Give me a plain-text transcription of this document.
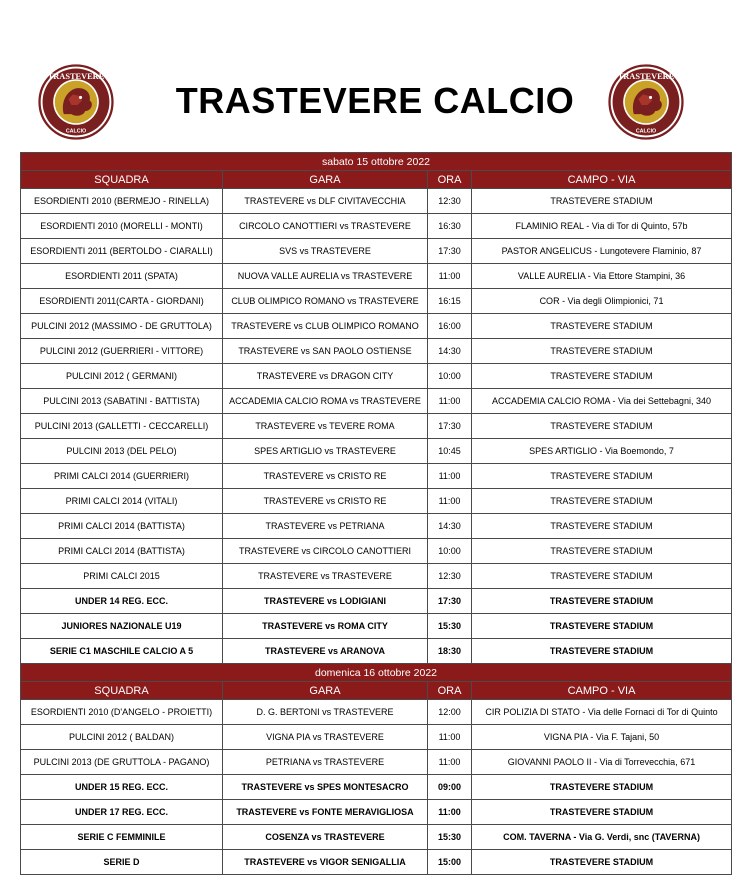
TRASTEVERE
CALCIO
TRASTEVERE CALCIO
TRASTEVERE
CALCIO
sabato 15 ottobre 2022			
SQUADRA	GARA	ORA	CAMPO - VIA
ESORDIENTI 2010 (BERMEJO - RINELLA)	TRASTEVERE vs DLF CIVITAVECCHIA	12:30	TRASTEVERE STADIUM
ESORDIENTI 2010 (MORELLI - MONTI)	CIRCOLO CANOTTIERI vs TRASTEVERE	16:30	FLAMINIO REAL - Via di Tor di Quinto, 57b
ESORDIENTI 2011 (BERTOLDO - CIARALLI)	SVS vs TRASTEVERE	17:30	PASTOR ANGELICUS - Lungotevere Flaminio, 87
ESORDIENTI 2011 (SPATA)	NUOVA VALLE AURELIA vs TRASTEVERE	11:00	VALLE AURELIA - Via Ettore Stampini, 36
ESORDIENTI 2011(CARTA - GIORDANI)	CLUB OLIMPICO ROMANO vs TRASTEVERE	16:15	COR - Via degli Olimpionici, 71
PULCINI 2012 (MASSIMO - DE GRUTTOLA)	TRASTEVERE vs CLUB OLIMPICO ROMANO	16:00	TRASTEVERE STADIUM
PULCINI 2012 (GUERRIERI - VITTORE)	TRASTEVERE vs SAN PAOLO OSTIENSE	14:30	TRASTEVERE STADIUM
PULCINI 2012 ( GERMANI)	TRASTEVERE vs DRAGON CITY	10:00	TRASTEVERE STADIUM
PULCINI 2013 (SABATINI - BATTISTA)	ACCADEMIA CALCIO ROMA vs TRASTEVERE	11:00	ACCADEMIA CALCIO ROMA - Via dei Settebagni, 340
PULCINI 2013 (GALLETTI - CECCARELLI)	TRASTEVERE vs TEVERE ROMA	17:30	TRASTEVERE STADIUM
PULCINI 2013 (DEL PELO)	SPES ARTIGLIO vs TRASTEVERE	10:45	SPES ARTIGLIO - Via Boemondo, 7
PRIMI CALCI 2014 (GUERRIERI)	TRASTEVERE vs CRISTO RE	11:00	TRASTEVERE STADIUM
PRIMI CALCI 2014 (VITALI)	TRASTEVERE vs CRISTO RE	11:00	TRASTEVERE STADIUM
PRIMI CALCI 2014 (BATTISTA)	TRASTEVERE vs PETRIANA	14:30	TRASTEVERE STADIUM
PRIMI CALCI 2014 (BATTISTA)	TRASTEVERE vs CIRCOLO CANOTTIERI	10:00	TRASTEVERE STADIUM
PRIMI CALCI 2015	TRASTEVERE vs TRASTEVERE	12:30	TRASTEVERE STADIUM
UNDER 14 REG. ECC.	TRASTEVERE vs LODIGIANI	17:30	TRASTEVERE STADIUM
JUNIORES NAZIONALE U19	TRASTEVERE vs ROMA CITY	15:30	TRASTEVERE STADIUM
SERIE C1 MASCHILE CALCIO A 5	TRASTEVERE vs ARANOVA	18:30	TRASTEVERE STADIUM
domenica 16 ottobre 2022			
SQUADRA	GARA	ORA	CAMPO - VIA
ESORDIENTI 2010 (D'ANGELO - PROIETTI)	D. G. BERTONI vs TRASTEVERE	12:00	CIR POLIZIA DI STATO - Via delle Fornaci di Tor di Quinto
PULCINI 2012 ( BALDAN)	VIGNA PIA vs TRASTEVERE	11:00	VIGNA PIA - Via F. Tajani, 50
PULCINI 2013 (DE GRUTTOLA - PAGANO)	PETRIANA vs TRASTEVERE	11:00	GIOVANNI PAOLO II - Via di Torrevecchia, 671
UNDER 15 REG. ECC.	TRASTEVERE vs SPES MONTESACRO	09:00	TRASTEVERE STADIUM
UNDER 17 REG. ECC.	TRASTEVERE vs FONTE MERAVIGLIOSA	11:00	TRASTEVERE STADIUM
SERIE C FEMMINILE	COSENZA vs TRASTEVERE	15:30	COM. TAVERNA - Via G. Verdi, snc (TAVERNA)
SERIE D	TRASTEVERE vs VIGOR SENIGALLIA	15:00	TRASTEVERE STADIUM
